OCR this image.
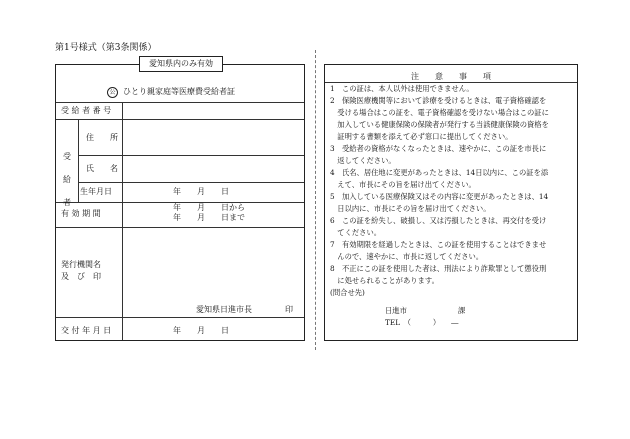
第1号様式（第3条関係）
愛知県内のみ有効
公 ひとり親家庭等医療費受給者証
受 給 者 番 号
受給者
住　　所
氏　　名
生年月日	年　　月　　日
有 効 期 間
年　　月　　日から
年　　月　　日まで
発行機関名
及　び　印
愛知県日進市長	印
交 付 年 月 日	年　　月　　日
注　　意　　事　　項
1　この証は、本人以外は使用できません。
2　保険医療機関等において診療を受けるときは、電子資格確認を
　受ける場合はこの証を、電子資格確認を受けない場合はこの証に
　加入している健康保険の保険者が発行する当該健康保険の資格を
　証明する書類を添えて必ず窓口に提出してください。
3　受給者の資格がなくなったときは、速やかに、この証を市長に
　返してください。
4　氏名、居住地に変更があったときは、14日以内に、この証を添
　えて、市長にその旨を届け出てください。
5　加入している医療保険又はその内容に変更があったときは、14
　日以内に、市長にその旨を届け出てください。
6　この証を紛失し、破損し、又は汚損したときは、再交付を受け
　てください。
7　有効期限を経過したときは、この証を使用することはできませ
　んので、速やかに、市長に返してください。
8　不正にこの証を使用した者は、刑法により詐欺罪として懲役刑
　に処せられることがあります。
(問合せ先)
日進市　　　　　　　課
TEL　（　　　）　　―
